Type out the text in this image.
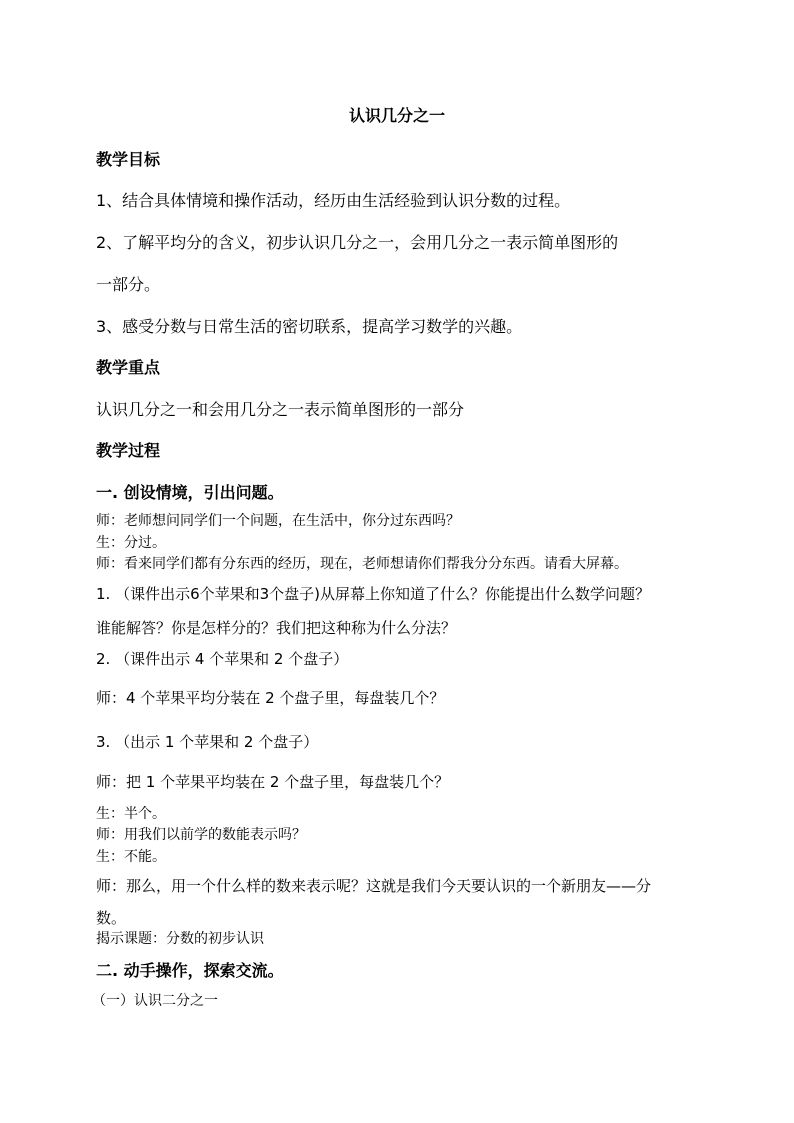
认识几分之一

教学目标

1、结合具体情境和操作活动，经历由生活经验到认识分数的过程。

2、了解平均分的含义，初步认识几分之一，会用几分之一表示简单图形的

一部分。

3、感受分数与日常生活的密切联系，提高学习数学的兴趣。

教学重点

认识几分之一和会用几分之一表示简单图形的一部分

教学过程

一. 创设情境，引出问题。

师：老师想问同学们一个问题，在生活中，你分过东西吗？

生：分过。

师：看来同学们都有分东西的经历，现在，老师想请你们帮我分分东西。请看大屏幕。

1. （课件出示6个苹果和3个盘子)从屏幕上你知道了什么？你能提出什么数学问题？

谁能解答？你是怎样分的？我们把这种称为什么分法？

2. （课件出示 4 个苹果和 2 个盘子）

师：4 个苹果平均分装在 2 个盘子里，每盘装几个？

3. （出示 1 个苹果和 2 个盘子）

师：把 1 个苹果平均装在 2 个盘子里，每盘装几个？

生：半个。

师：用我们以前学的数能表示吗？

生：不能。

师：那么，用一个什么样的数来表示呢？这就是我们今天要认识的一个新朋友——分

数。

揭示课题：分数的初步认识

二. 动手操作，探索交流。

（一）认识二分之一
